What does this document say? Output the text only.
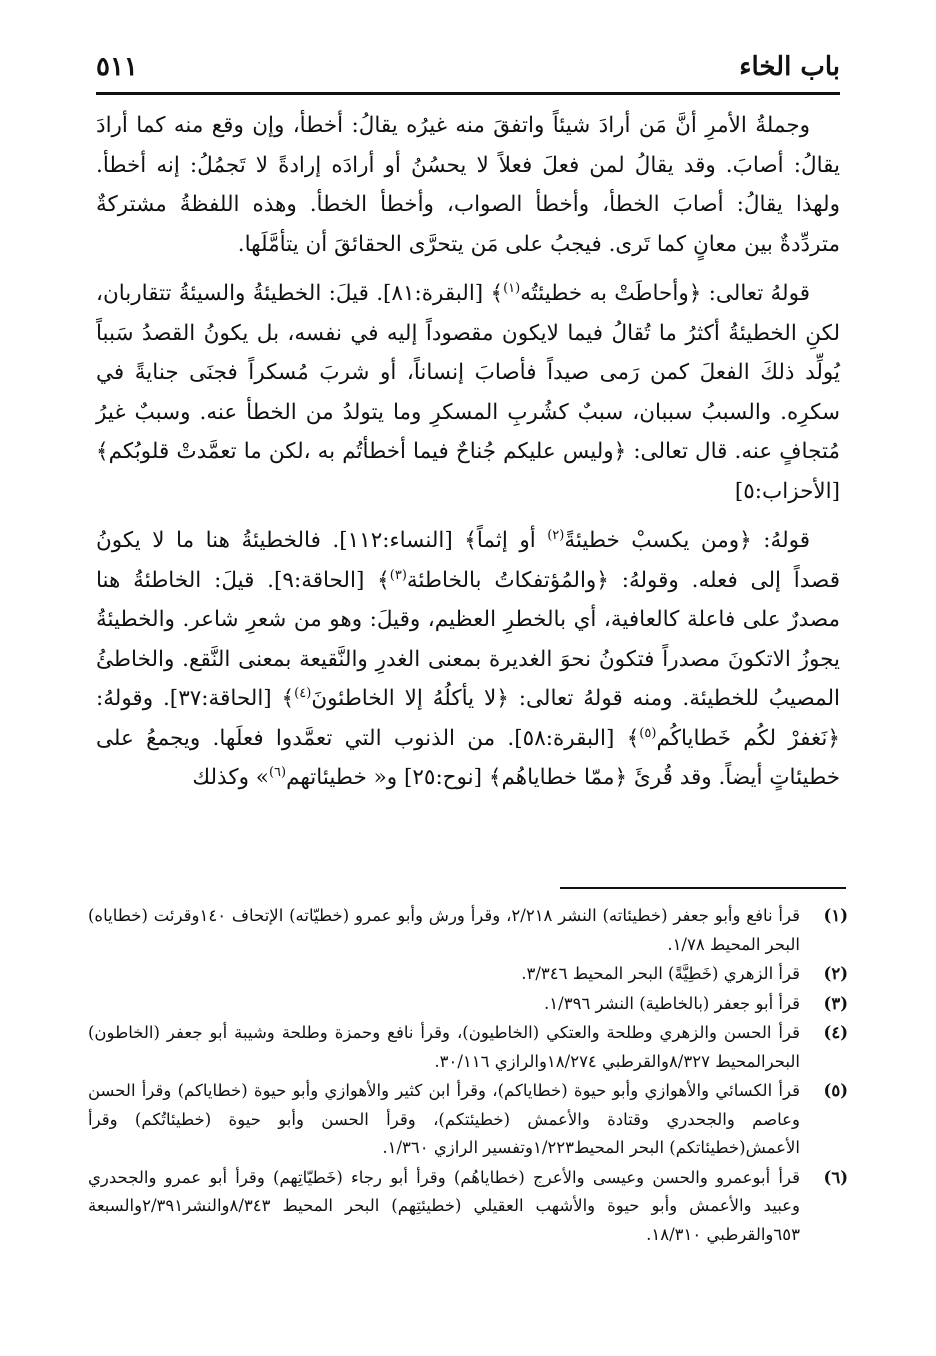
باب الخاء
٥١١

وجملةُ الأمرِ أنَّ مَن أرادَ شيئاً واتفقَ منه غيرُه يقالُ: أخطأ، وإن وقع منه كما أرادَ يقالُ: أصابَ. وقد يقالُ لمن فعلَ فعلاً لا يحسُنُ أو أرادَه إرادةً لا تَجمُلُ: إنه أخطأ. ولهذا يقالُ: أصابَ الخطأ، وأخطأ الصواب، وأخطأ الخطأ. وهذه اللفظةُ مشتركةٌ متردِّدةٌ بين معانٍ كما تَرى. فيجبُ على مَن يتحرَّى الحقائقَ أن يتأمَّلَها.

قولهُ تعالى: ﴿وأحاطَتْ به خطيئتُه$^{(١)}$﴾ [البقرة:٨١]. قيلَ: الخطيئةُ والسيئةُ تتقاربان، لكنِ الخطيئةُ أكثرُ ما تُقالُ فيما لايكون مقصوداً إليه في نفسه، بل يكونُ القصدُ سَبباً يُولِّد ذلكَ الفعلَ كمن رَمى صيداً فأصابَ إنساناً، أو شربَ مُسكراً فجنَى جنايةً في سكرِه. والسببُ سببان، سببٌ كشُربِ المسكرِ وما يتولدُ من الخطأ عنه. وسببٌ غيرُ مُتجافٍ عنه. قال تعالى: ﴿وليس عليكم جُناحٌ فيما أخطأتُم به ،لكن ما تعمَّدتْ قلوبُكم﴾ [الأحزاب:٥]

قولهُ: ﴿ومن يكسبْ خطيئةً$^{(٢)}$ أو إثماً﴾ [النساء:١١٢]. فالخطيئةُ هنا ما لا يكونُ قصداً إلى فعله. وقولهُ: ﴿والمُؤتفكاتُ بالخاطئة$^{(٣)}$﴾ [الحاقة:٩]. قيلَ: الخاطئةُ هنا مصدرٌ على فاعلة كالعافية، أي بالخطرِ العظيم، وقيلَ: وهو من شعرِ شاعر. والخطيئةُ يجوزُ الاتكونَ مصدراً فتكونُ نحوَ الغديرة بمعنى الغدرِ والنَّقيعة بمعنى النَّقع. والخاطئُ المصيبُ للخطيئة. ومنه قولهُ تعالى: ﴿لا يأكلُهُ إلا الخاطئونَ$^{(٤)}$﴾ [الحاقة:٣٧]. وقولهُ: ﴿نَغفرْ لكُم خَطاياكُم$^{(٥)}$﴾ [البقرة:٥٨]. من الذنوب التي تعمَّدوا فعلَها. ويجمعُ على خطيئاتٍ أيضاً. وقد قُرئَ ﴿ممّا خطاياهُم﴾ [نوح:٢٥] و« خطيئاتهم$^{(٦)}$» وكذلك

(١)
قرأ نافع وأبو جعفر (خطيئاته) النشر ٢/٢١٨، وقرأ ورش وأبو عمرو (خطيّاته) الإتحاف ١٤٠وقرئت (خطاياه) البحر المحيط ١/٧٨.
(٢)
قرأ الزهري (خَطِيَّةً) البحر المحيط ٣/٣٤٦.
(٣)
قرأ أبو جعفر (بالخاطية) النشر ١/٣٩٦.
(٤)
قرأ الحسن والزهري وطلحة والعتكي (الخاطيون)، وقرأ نافع وحمزة وطلحة وشيبة أبو جعفر (الخاطون) البحرالمحيط ٨/٣٢٧والقرطبي ١٨/٢٧٤والرازي ٣٠/١١٦.
(٥)
قرأ الكسائي والأهوازي وأبو حيوة (خطاياكم)، وقرأ ابن كثير والأهوازي وأبو حيوة (خطاياكم) وقرأ الحسن وعاصم والجحدري وقتادة والأعمش (خطيئتكم)، وقرأ الحسن وأبو حيوة (خطيئاتُكم) وقرأ الأعمش(خطيئاتكم) البحر المحيط١/٢٢٣وتفسير الرازي ١/٣٦٠.
(٦)
قرأ أبوعمرو والحسن وعيسى والأعرج (خطاياهُم) وقرأ أبو رجاء (خَطيّاتِهم) وقرأ أبو عمرو والجحدري وعبيد والأعمش وأبو حيوة والأشهب العقيلي (خطيئتِهم) البحر المحيط ٨/٣٤٣والنشر٢/٣٩١والسبعة ٦٥٣والقرطبي ١٨/٣١٠.
